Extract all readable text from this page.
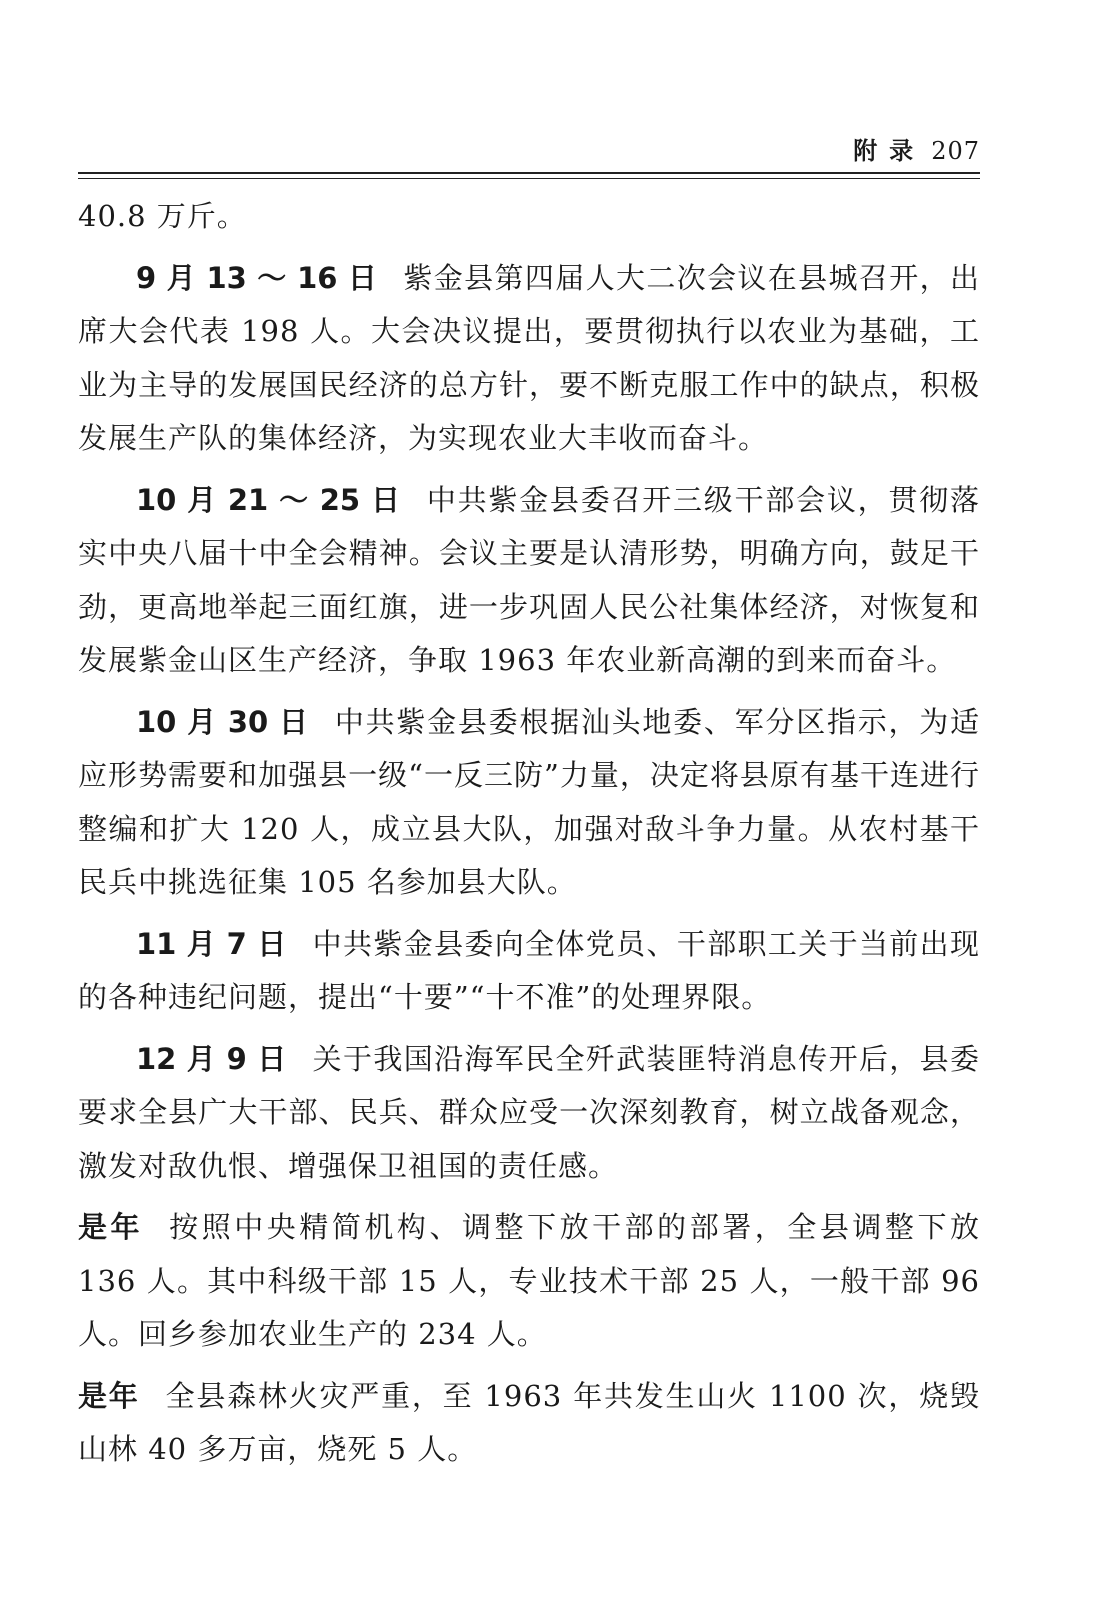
附录 207

40.8 万斤。

9 月 13 ～ 16 日 紫金县第四届人大二次会议在县城召开，出席大会代表 198 人。大会决议提出，要贯彻执行以农业为基础，工业为主导的发展国民经济的总方针，要不断克服工作中的缺点，积极发展生产队的集体经济，为实现农业大丰收而奋斗。

10 月 21 ～ 25 日 中共紫金县委召开三级干部会议，贯彻落实中央八届十中全会精神。会议主要是认清形势，明确方向，鼓足干劲，更高地举起三面红旗，进一步巩固人民公社集体经济，对恢复和发展紫金山区生产经济，争取 1963 年农业新高潮的到来而奋斗。

10 月 30 日 中共紫金县委根据汕头地委、军分区指示，为适应形势需要和加强县一级“一反三防”力量，决定将县原有基干连进行整编和扩大 120 人，成立县大队，加强对敌斗争力量。从农村基干民兵中挑选征集 105 名参加县大队。

11 月 7 日 中共紫金县委向全体党员、干部职工关于当前出现的各种违纪问题，提出“十要”“十不准”的处理界限。

12 月 9 日 关于我国沿海军民全歼武装匪特消息传开后，县委要求全县广大干部、民兵、群众应受一次深刻教育，树立战备观念，激发对敌仇恨、增强保卫祖国的责任感。

是年 按照中央精简机构、调整下放干部的部署，全县调整下放 136 人。其中科级干部 15 人，专业技术干部 25 人，一般干部 96 人。回乡参加农业生产的 234 人。

是年 全县森林火灾严重，至 1963 年共发生山火 1100 次，烧毁山林 40 多万亩，烧死 5 人。
